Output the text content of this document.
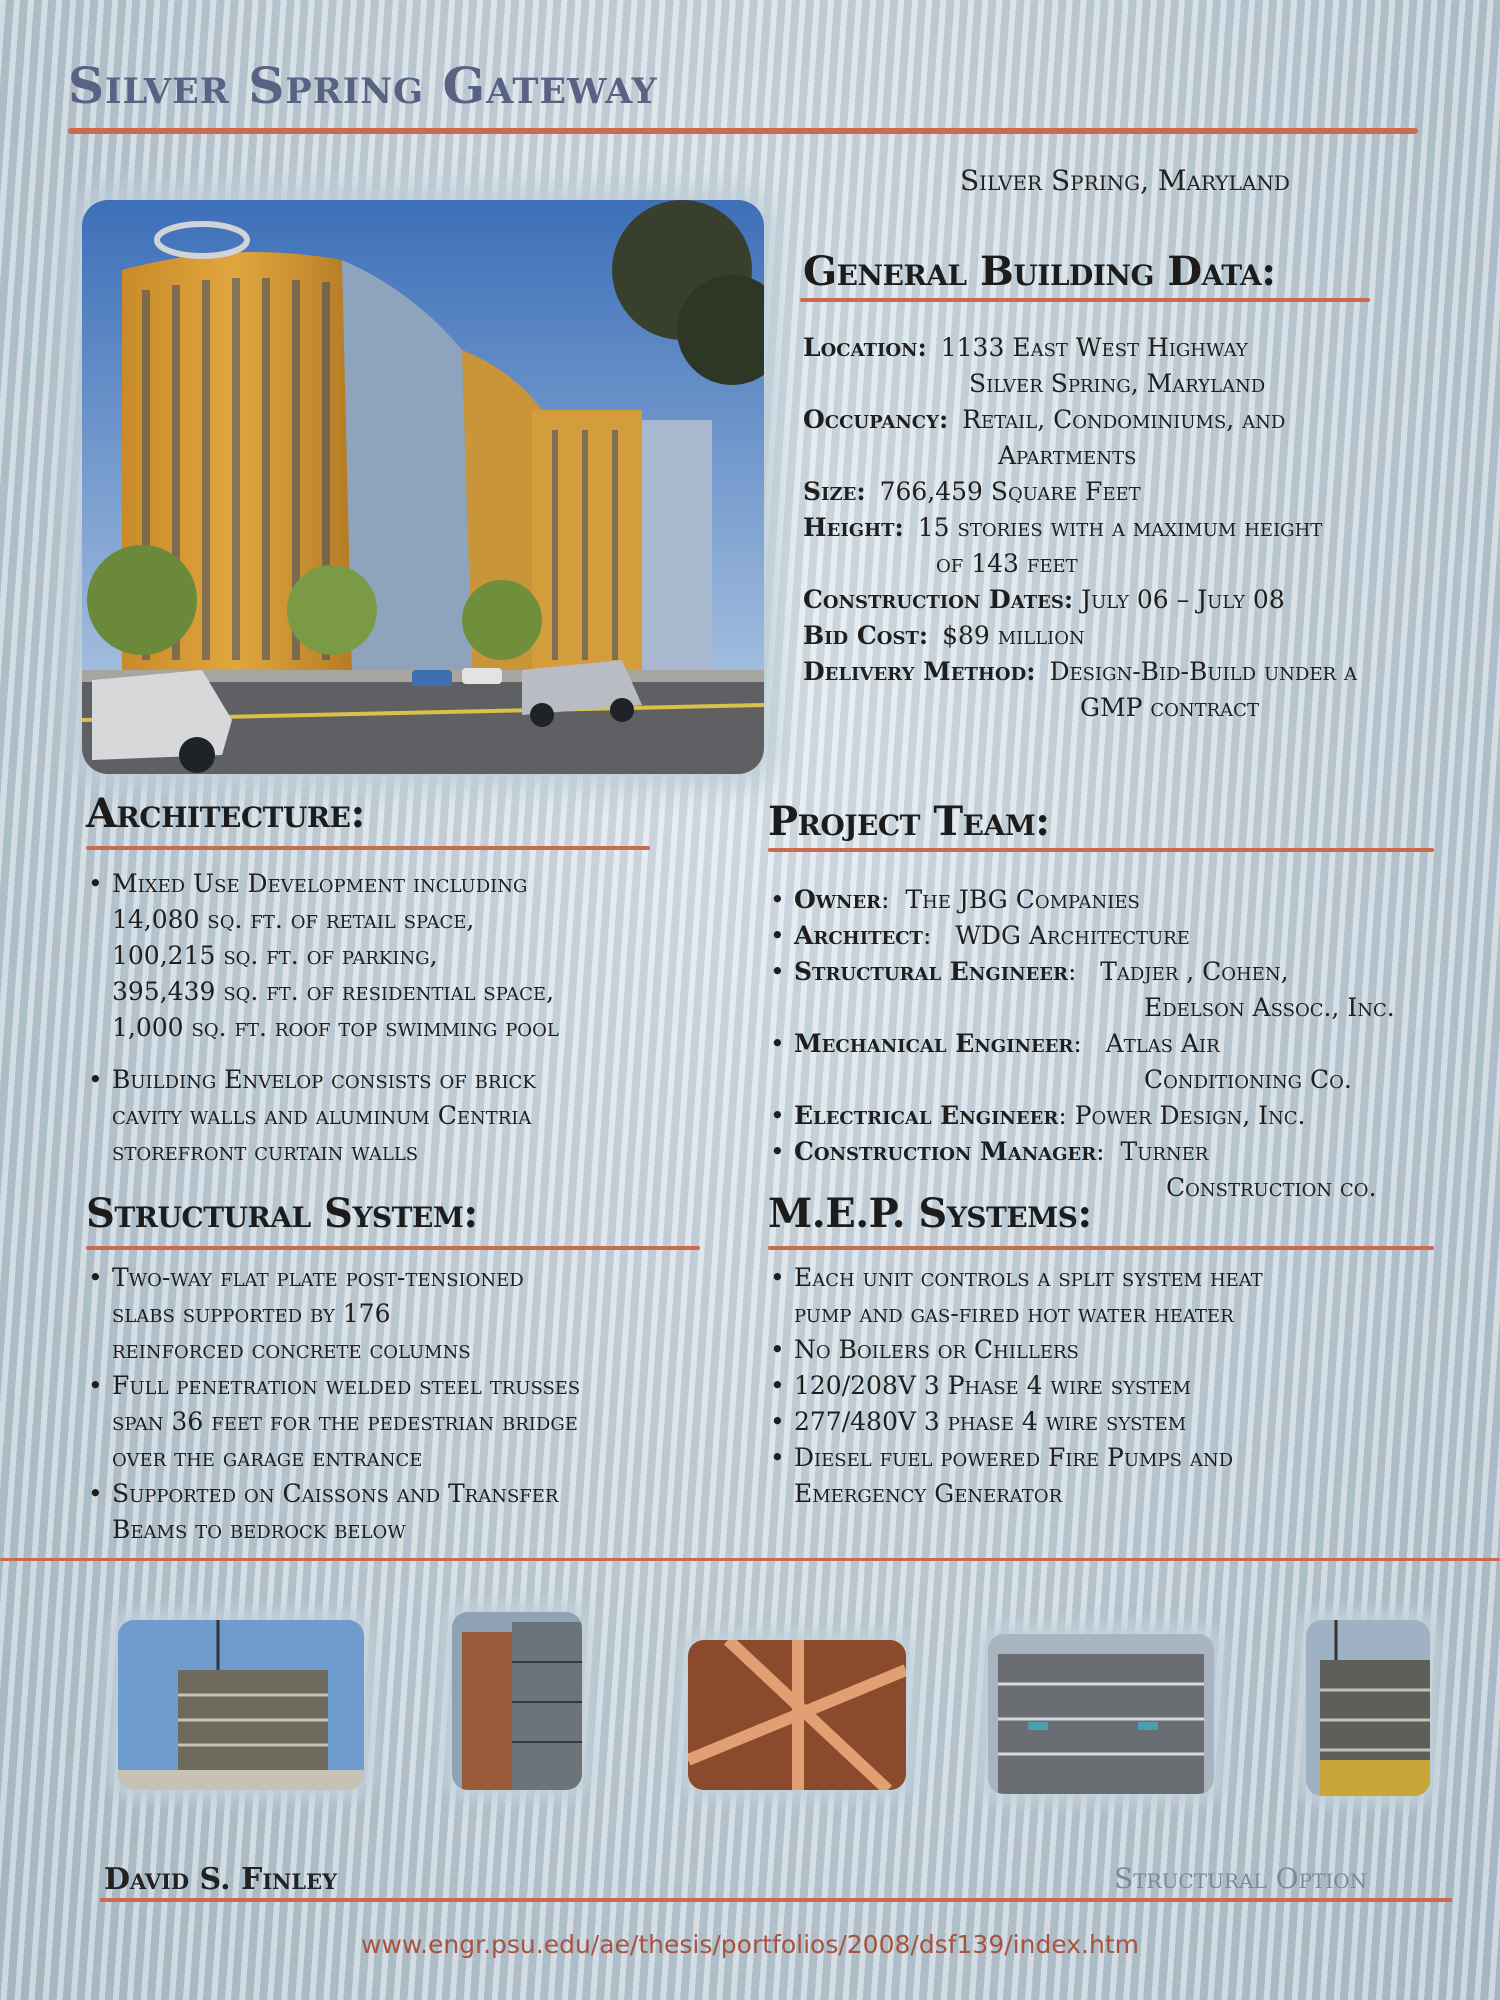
Silver Spring Gateway
Silver Spring, Maryland
General Building Data:
Location: 1133 East West Highway
Silver Spring, Maryland
Occupancy: Retail, Condominiums, and
Apartments
Size: 766,459 Square Feet
Height: 15 stories with a maximum height
of 143 feet
Construction Dates: July 06 – July 08
Bid Cost: $89 million
Delivery Method: Design-Bid-Build under a
GMP contract
Architecture:
• Mixed Use Development including
14,080 sq. ft. of retail space,
100,215 sq. ft. of parking,
395,439 sq. ft. of residential space,
1,000 sq. ft. roof top swimming pool
• Building Envelop consists of brick
cavity walls and aluminum Centria
storefront curtain walls
Project Team:
• Owner: The JBG Companies
• Architect: WDG Architecture
• Structural Engineer: Tadjer , Cohen,
Edelson Assoc., Inc.
• Mechanical Engineer: Atlas Air
Conditioning Co.
• Electrical Engineer: Power Design, Inc.
• Construction Manager: Turner
Construction co.
Structural System:
• Two-way flat plate post-tensioned
slabs supported by 176
reinforced concrete columns
• Full penetration welded steel trusses
span 36 feet for the pedestrian bridge
over the garage entrance
• Supported on Caissons and Transfer
Beams to bedrock below
M.E.P. Systems:
• Each unit controls a split system heat
pump and gas-fired hot water heater
• No Boilers or Chillers
• 120/208V 3 Phase 4 wire system
• 277/480V 3 phase 4 wire system
• Diesel fuel powered Fire Pumps and
Emergency Generator
David S. Finley	Structural Option
www.engr.psu.edu/ae/thesis/portfolios/2008/dsf139/index.htm
